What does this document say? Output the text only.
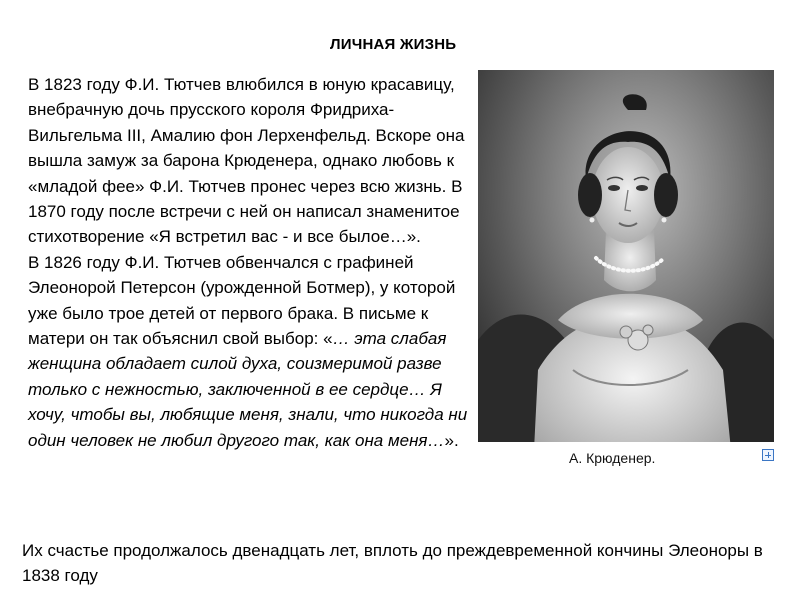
ЛИЧНАЯ ЖИЗНЬ

В 1823 году Ф.И. Тютчев влюбился в юную красавицу, внебрачную дочь прусского короля Фридриха-Вильгельма III, Амалию фон Лерхенфельд. Вскоре она вышла замуж за барона Крюденера, однако любовь к «младой фее» Ф.И. Тютчев пронес через всю жизнь. В 1870 году после встречи с ней он написал знаменитое стихотворение «Я встретил вас - и все былое…».

В 1826 году Ф.И. Тютчев обвенчался с графиней Элеонорой Петерсон (урожденной Ботмер), у которой уже было трое детей от первого брака. В письме к матери он так объяснил свой выбор: «… эта слабая женщина обладает силой духа, соизмеримой разве только с нежностью, заключенной в ее сердце… Я хочу, чтобы вы, любящие меня, знали, что никогда ни один человек не любил другого так, как она меня…».

А. Крюденер.
Их счастье продолжалось двенадцать лет, вплоть до преждевременной кончины Элеоноры в 1838 году
